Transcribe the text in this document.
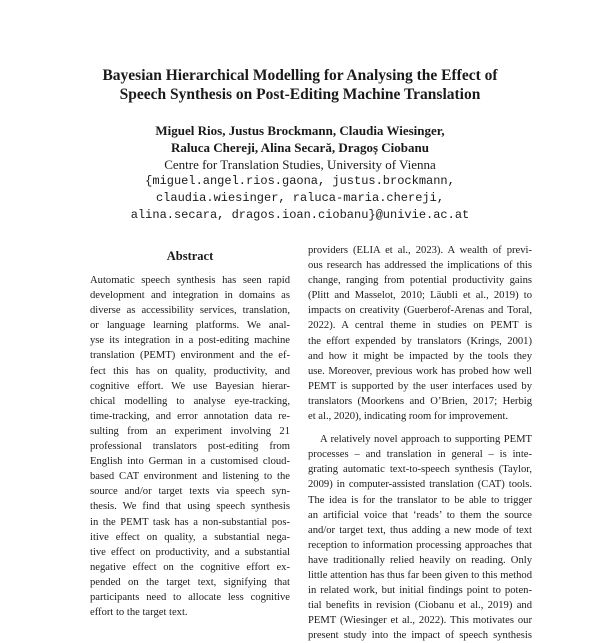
Bayesian Hierarchical Modelling for Analysing the Effect of
Speech Synthesis on Post-Editing Machine Translation
Miguel Rios, Justus Brockmann, Claudia Wiesinger,
Raluca Chereji, Alina Secară, Dragoș Ciobanu
Centre for Translation Studies, University of Vienna
{miguel.angel.rios.gaona, justus.brockmann,
claudia.wiesinger, raluca-maria.chereji,
alina.secara, dragos.ioan.ciobanu}@univie.ac.at
Abstract
Automatic speech synthesis has seen rapid
development and integration in domains as
diverse as accessibility services, translation,
or language learning platforms. We anal-
yse its integration in a post-editing machine
translation (PEMT) environment and the ef-
fect this has on quality, productivity, and
cognitive effort. We use Bayesian hierar-
chical modelling to analyse eye-tracking,
time-tracking, and error annotation data re-
sulting from an experiment involving 21
professional translators post-editing from
English into German in a customised cloud-
based CAT environment and listening to the
source and/or target texts via speech syn-
thesis. We find that using speech synthesis
in the PEMT task has a non-substantial pos-
itive effect on quality, a substantial nega-
tive effect on productivity, and a substantial
negative effect on the cognitive effort ex-
pended on the target text, signifying that
participants need to allocate less cognitive
effort to the target text.
providers (ELIA et al., 2023). A wealth of previ-
ous research has addressed the implications of this
change, ranging from potential productivity gains
(Plitt and Masselot, 2010; Läubli et al., 2019) to
impacts on creativity (Guerberof-Arenas and Toral,
2022). A central theme in studies on PEMT is
the effort expended by translators (Krings, 2001)
and how it might be impacted by the tools they
use. Moreover, previous work has probed how well
PEMT is supported by the user interfaces used by
translators (Moorkens and O’Brien, 2017; Herbig
et al., 2020), indicating room for improvement.
A relatively novel approach to supporting PEMT
processes – and translation in general – is inte-
grating automatic text-to-speech synthesis (Taylor,
2009) in computer-assisted translation (CAT) tools.
The idea is for the translator to be able to trigger
an artificial voice that ‘reads’ to them the source
and/or target text, thus adding a new mode of text
reception to information processing approaches that
have traditionally relied heavily on reading. Only
little attention has thus far been given to this method
in related work, but initial findings point to poten-
tial benefits in revision (Ciobanu et al., 2019) and
PEMT (Wiesinger et al., 2022). This motivates our
present study into the impact of speech synthesis
